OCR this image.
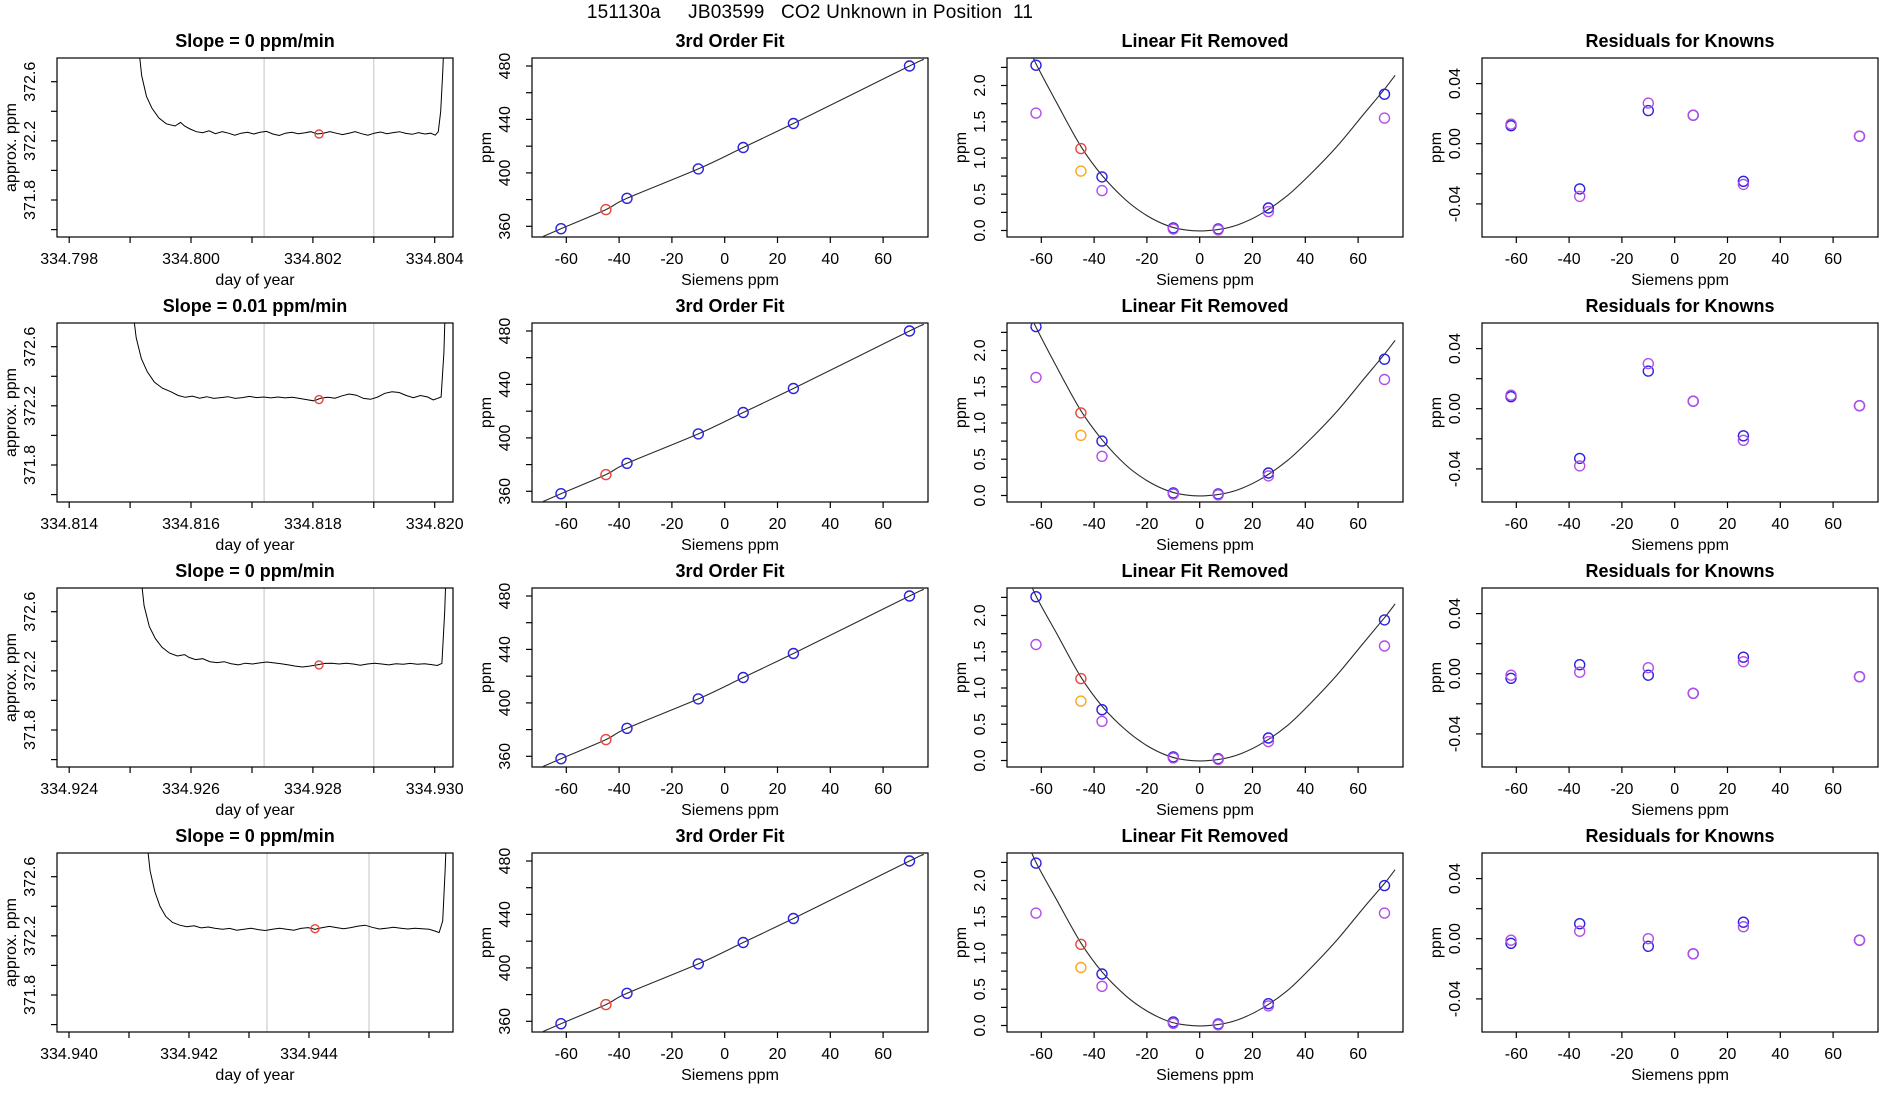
151130a     JB03599   CO2 Unknown in Position  11
334.798	334.800	334.802	334.804
371.8
372.2
372.6
Slope = 0 ppm/min
day of year
approx. ppm
-60 -40 -20 0 20 40 60
360
400
440
480
3rd Order Fit
Siemens ppm
ppm
-60 -40 -20 0 20 40 60
0.0
0.5
1.0
1.5
2.0
Linear Fit Removed
Siemens ppm
ppm
-60 -40 -20 0 20 40 60
-0.04
0.00
0.04
Residuals for Knowns
Siemens ppm
ppm
334.814	334.816	334.818	334.820
371.8
372.2
372.6
Slope = 0.01 ppm/min
day of year
approx. ppm
-60 -40 -20 0 20 40 60
360
400
440
480
3rd Order Fit
Siemens ppm
ppm
-60 -40 -20 0 20 40 60
0.0
0.5
1.0
1.5
2.0
Linear Fit Removed
Siemens ppm
ppm
-60 -40 -20 0 20 40 60
-0.04
0.00
0.04
Residuals for Knowns
Siemens ppm
ppm
334.924	334.926	334.928	334.930
371.8
372.2
372.6
Slope = 0 ppm/min
day of year
approx. ppm
-60 -40 -20 0 20 40 60
360
400
440
480
3rd Order Fit
Siemens ppm
ppm
-60 -40 -20 0 20 40 60
0.0
0.5
1.0
1.5
2.0
Linear Fit Removed
Siemens ppm
ppm
-60 -40 -20 0 20 40 60
-0.04
0.00
0.04
Residuals for Knowns
Siemens ppm
ppm
334.940	334.942	334.944
371.8
372.2
372.6
Slope = 0 ppm/min
day of year
approx. ppm
-60 -40 -20 0 20 40 60
360
400
440
480
3rd Order Fit
Siemens ppm
ppm
-60 -40 -20 0 20 40 60
0.0
0.5
1.0
1.5
2.0
Linear Fit Removed
Siemens ppm
ppm
-60 -40 -20 0 20 40 60
-0.04
0.00
0.04
Residuals for Knowns
Siemens ppm
ppm
